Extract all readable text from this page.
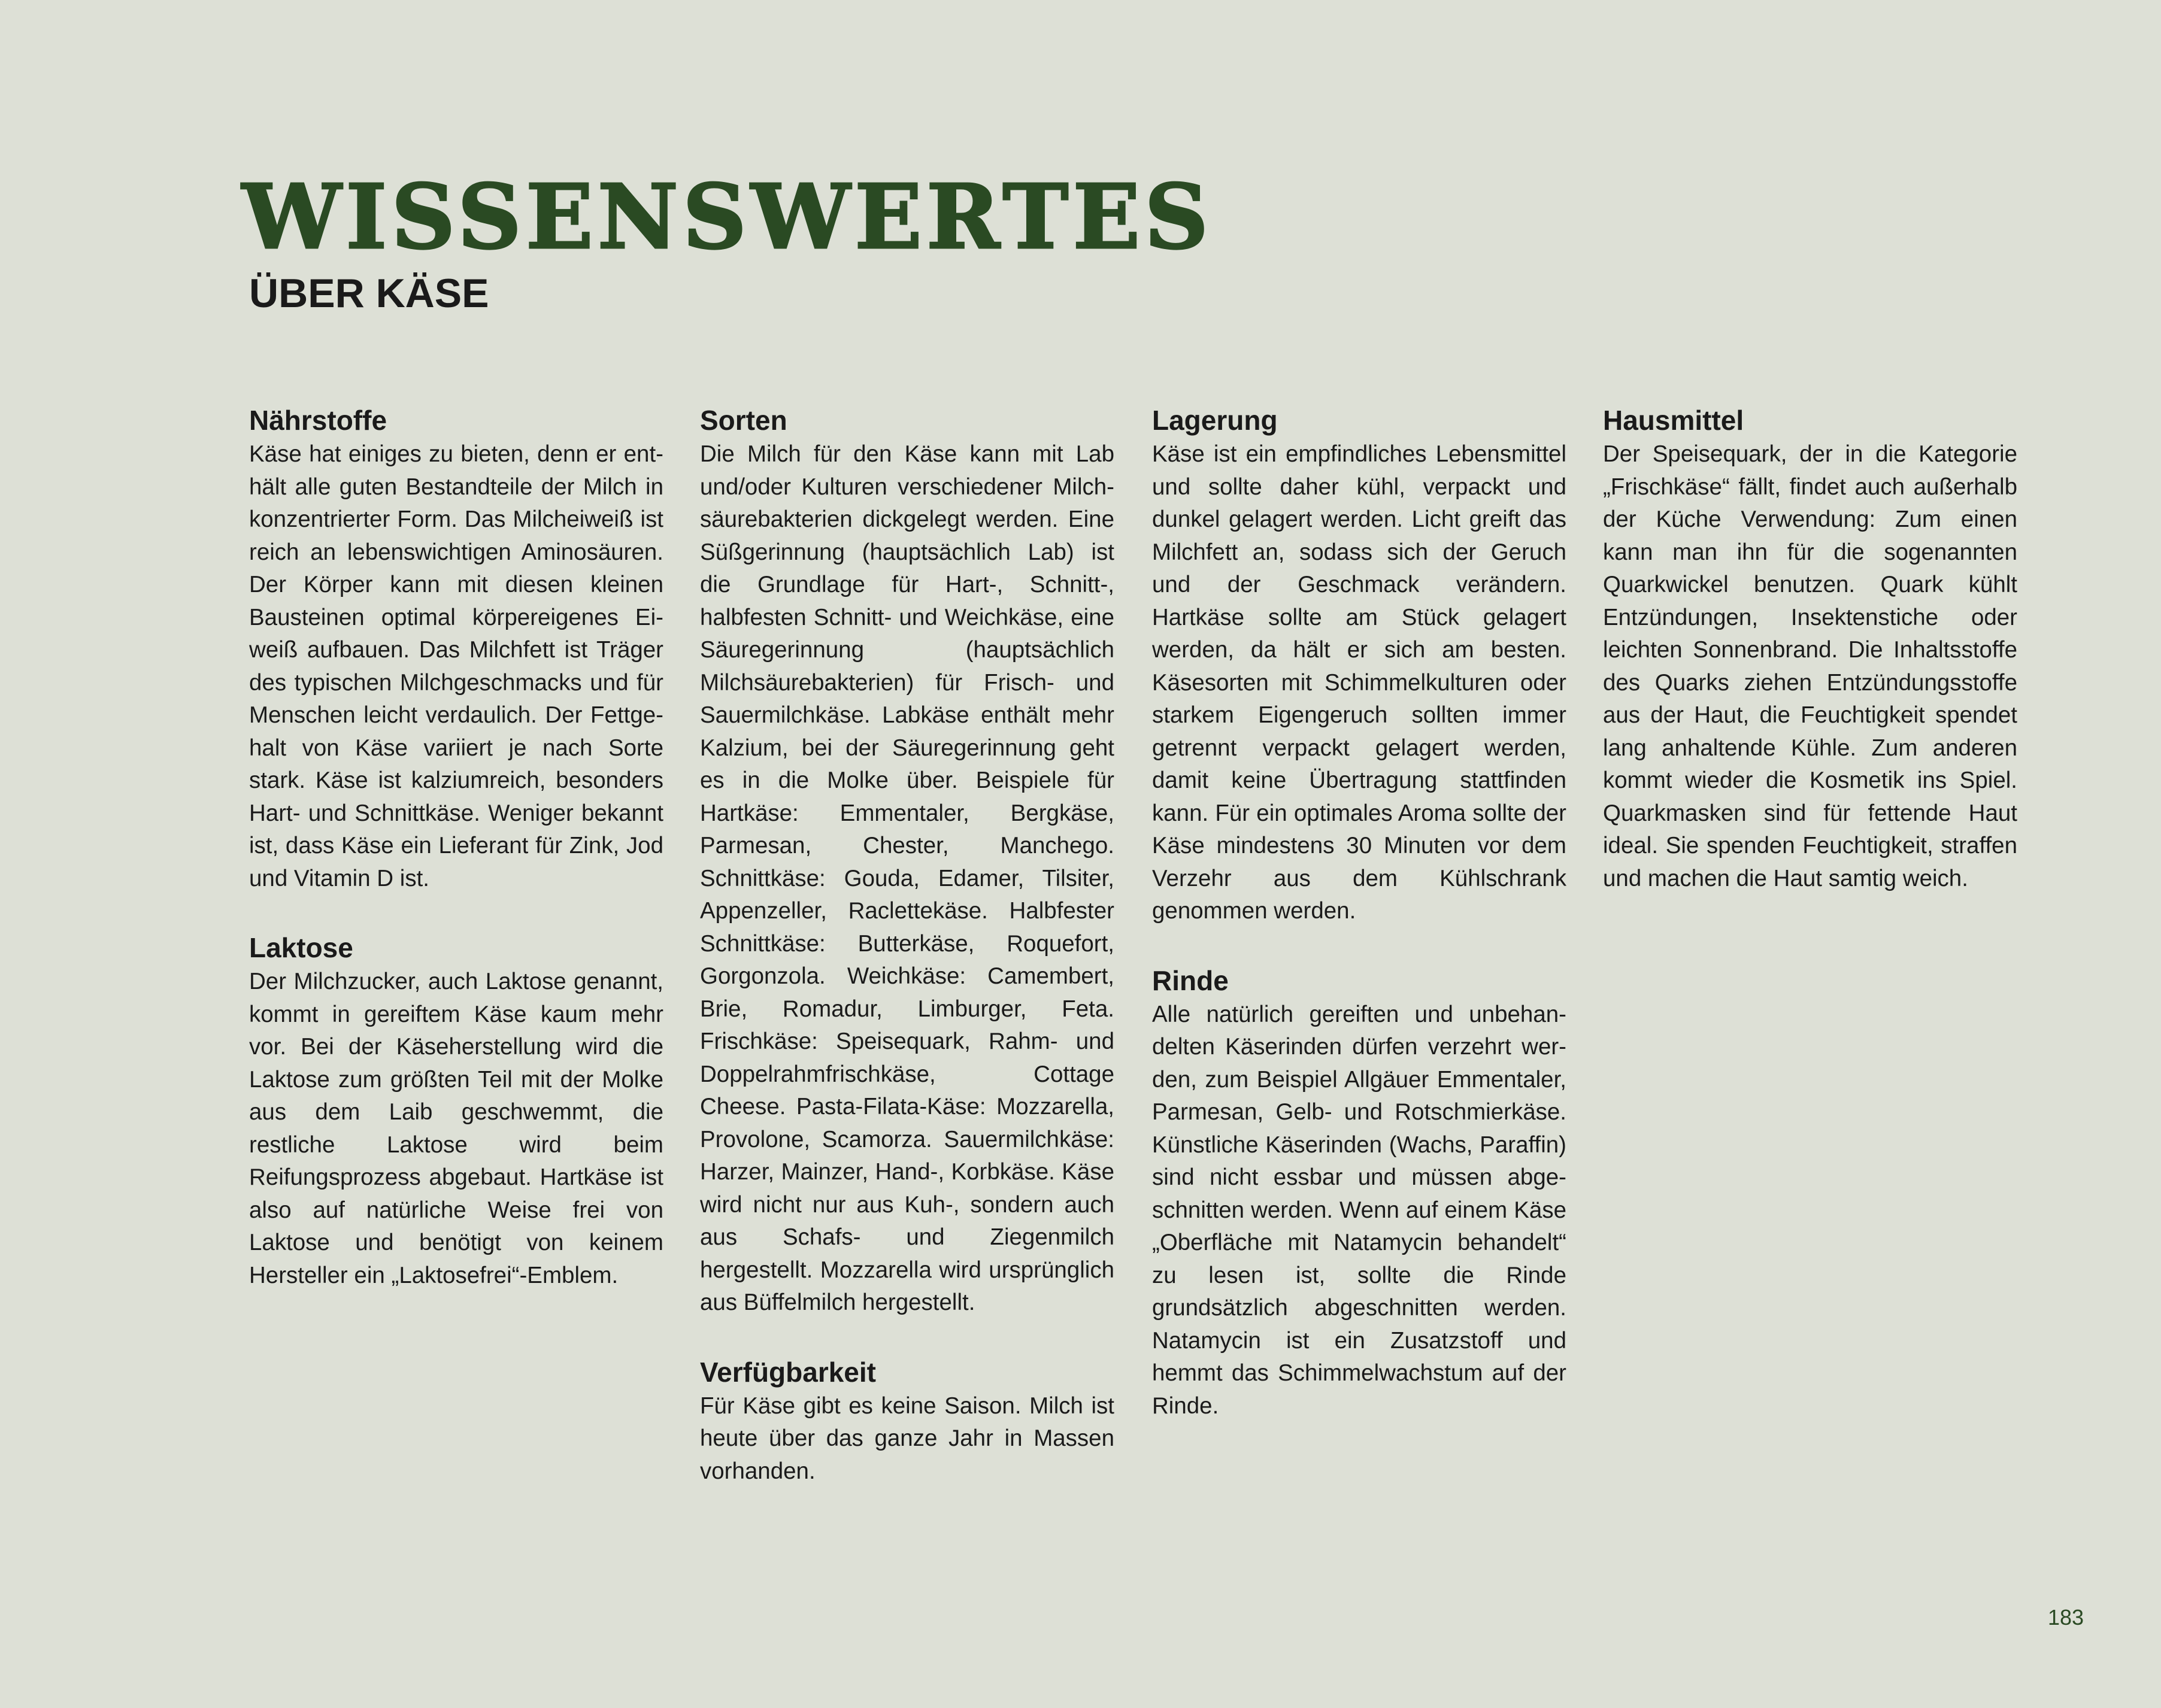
WISSENSWERTES
ÜBER KÄSE
Nährstoffe

Käse hat einiges zu bieten, denn er enthält alle guten Bestandteile der Milch in konzentrierter Form. Das Milcheiweiß ist reich an lebenswichtigen Aminosäuren. Der Körper kann mit diesen kleinen Bausteinen optimal körpereigenes Eiweiß aufbauen. Das Milchfett ist Träger des typischen Milchgeschmacks und für Menschen leicht verdaulich. Der Fettgehalt von Käse variiert je nach Sorte stark. Käse ist kalziumreich, besonders Hart- und Schnittkäse. Weniger bekannt ist, dass Käse ein Lieferant für Zink, Jod und Vitamin D ist.

Laktose

Der Milchzucker, auch Laktose genannt, kommt in gereiftem Käse kaum mehr vor. Bei der Käseherstellung wird die Laktose zum größten Teil mit der Molke aus dem Laib geschwemmt, die restliche Laktose wird beim Reifungsprozess abgebaut. Hartkäse ist also auf natürliche Weise frei von Laktose und benötigt von keinem Hersteller ein „Laktosefrei“-Emblem.

Sorten

Die Milch für den Käse kann mit Lab und/oder Kulturen verschiedener Milchsäurebakterien dickgelegt werden. Eine Süßgerinnung (hauptsächlich Lab) ist die Grundlage für Hart-, Schnitt-, halbfesten Schnitt- und Weichkäse, eine Säuregerinnung (hauptsächlich Milchsäurebakterien) für Frisch- und Sauermilchkäse. Labkäse enthält mehr Kalzium, bei der Säuregerinnung geht es in die Molke über. Beispiele für Hartkäse: Emmentaler, Bergkäse, Parmesan, Chester, Manchego. Schnittkäse: Gouda, Edamer, Tilsiter, Appenzeller, Raclettekäse. Halbfester Schnittkäse: Butterkäse, Roquefort, Gorgonzola. Weichkäse: Camembert, Brie, Romadur, Limburger, Feta. Frischkäse: Speisequark, Rahm- und Doppelrahmfrischkäse, Cottage Cheese. Pasta-Filata-Käse: Mozzarella, Provolone, Scamorza. Sauermilchkäse: Harzer, Mainzer, Hand-, Korbkäse. Käse wird nicht nur aus Kuh-, sondern auch aus Schafs- und Ziegenmilch hergestellt. Mozzarella wird ursprünglich aus Büffelmilch hergestellt.

Verfügbarkeit

Für Käse gibt es keine Saison. Milch ist heute über das ganze Jahr in Massen vorhanden.

Lagerung

Käse ist ein empfindliches Lebensmittel und sollte daher kühl, verpackt und dunkel gelagert werden. Licht greift das Milchfett an, sodass sich der Geruch und der Geschmack verändern. Hartkäse sollte am Stück gelagert werden, da hält er sich am besten. Käsesorten mit Schimmelkulturen oder starkem Eigengeruch sollten immer getrennt verpackt gelagert werden, damit keine Übertragung stattfinden kann. Für ein optimales Aroma sollte der Käse mindestens 30 Minuten vor dem Verzehr aus dem Kühlschrank genommen werden.

Rinde

Alle natürlich gereiften und unbehandelten Käserinden dürfen verzehrt werden, zum Beispiel Allgäuer Emmentaler, Parmesan, Gelb- und Rotschmierkäse. Künstliche Käserinden (Wachs, Paraffin) sind nicht essbar und müssen abgeschnitten werden. Wenn auf einem Käse „Oberfläche mit Natamycin behandelt“ zu lesen ist, sollte die Rinde grundsätzlich abgeschnitten werden. Natamycin ist ein Zusatzstoff und hemmt das Schimmelwachstum auf der Rinde.

Hausmittel

Der Speisequark, der in die Kategorie „Frischkäse“ fällt, findet auch außerhalb der Küche Verwendung: Zum einen kann man ihn für die sogenannten Quarkwickel benutzen. Quark kühlt Entzündungen, Insektenstiche oder leichten Sonnenbrand. Die Inhaltsstoffe des Quarks ziehen Entzündungsstoffe aus der Haut, die Feuchtigkeit spendet lang anhaltende Kühle. Zum anderen kommt wieder die Kosmetik ins Spiel. Quarkmasken sind für fettende Haut ideal. Sie spenden Feuchtigkeit, straffen und machen die Haut samtig weich.

183
